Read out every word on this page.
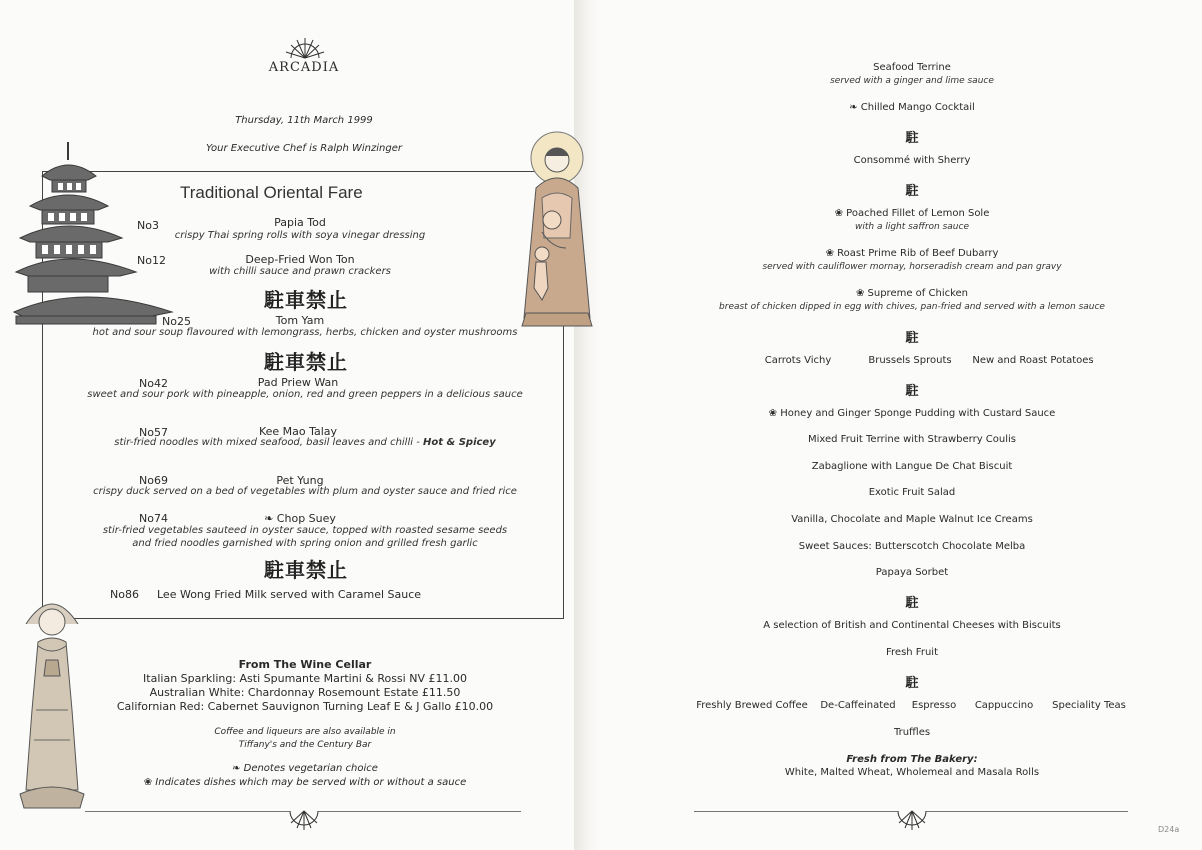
ARCADIA
Thursday, 11th March 1999
Your Executive Chef is Ralph Winzinger
Traditional Oriental Fare
No3	Papia Tod
crispy Thai spring rolls with soya vinegar dressing
No12	Deep-Fried Won Ton
with chilli sauce and prawn crackers
駐車禁止
No25	Tom Yam
hot and sour soup flavoured with lemongrass, herbs, chicken and oyster mushrooms
駐車禁止
No42	Pad Priew Wan
sweet and sour pork with pineapple, onion, red and green peppers in a delicious sauce
No57	Kee Mao Talay
stir-fried noodles with mixed seafood, basil leaves and chilli - Hot & Spicey
No69	Pet Yung
crispy duck served on a bed of vegetables with plum and oyster sauce and fried rice
No74	❧ Chop Suey
stir-fried vegetables sauteed in oyster sauce, topped with roasted sesame seeds
and fried noodles garnished with spring onion and grilled fresh garlic
駐車禁止
No86 Lee Wong Fried Milk served with Caramel Sauce
From The Wine Cellar
Italian Sparkling: Asti Spumante Martini & Rossi NV £11.00
Australian White: Chardonnay Rosemount Estate £11.50
Californian Red: Cabernet Sauvignon Turning Leaf E & J Gallo £10.00
Coffee and liqueurs are also available in
Tiffany's and the Century Bar
❧ Denotes vegetarian choice
❀ Indicates dishes which may be served with or without a sauce
Seafood Terrine
served with a ginger and lime sauce
❧ Chilled Mango Cocktail
駐
Consommé with Sherry
駐
❀ Poached Fillet of Lemon Sole
with a light saffron sauce
❀ Roast Prime Rib of Beef Dubarry
served with cauliflower mornay, horseradish cream and pan gravy
❀ Supreme of Chicken
breast of chicken dipped in egg with chives, pan-fried and served with a lemon sauce
駐
Carrots Vichy	Brussels Sprouts	New and Roast Potatoes
駐
❀ Honey and Ginger Sponge Pudding with Custard Sauce
Mixed Fruit Terrine with Strawberry Coulis
Zabaglione with Langue De Chat Biscuit
Exotic Fruit Salad
Vanilla, Chocolate and Maple Walnut Ice Creams
Sweet Sauces: Butterscotch Chocolate Melba
Papaya Sorbet
駐
A selection of British and Continental Cheeses with Biscuits
Fresh Fruit
駐
Freshly Brewed Coffee	De-Caffeinated	Espresso	Cappuccino	Speciality Teas
Truffles
Fresh from The Bakery:
White, Malted Wheat, Wholemeal and Masala Rolls
D24a
